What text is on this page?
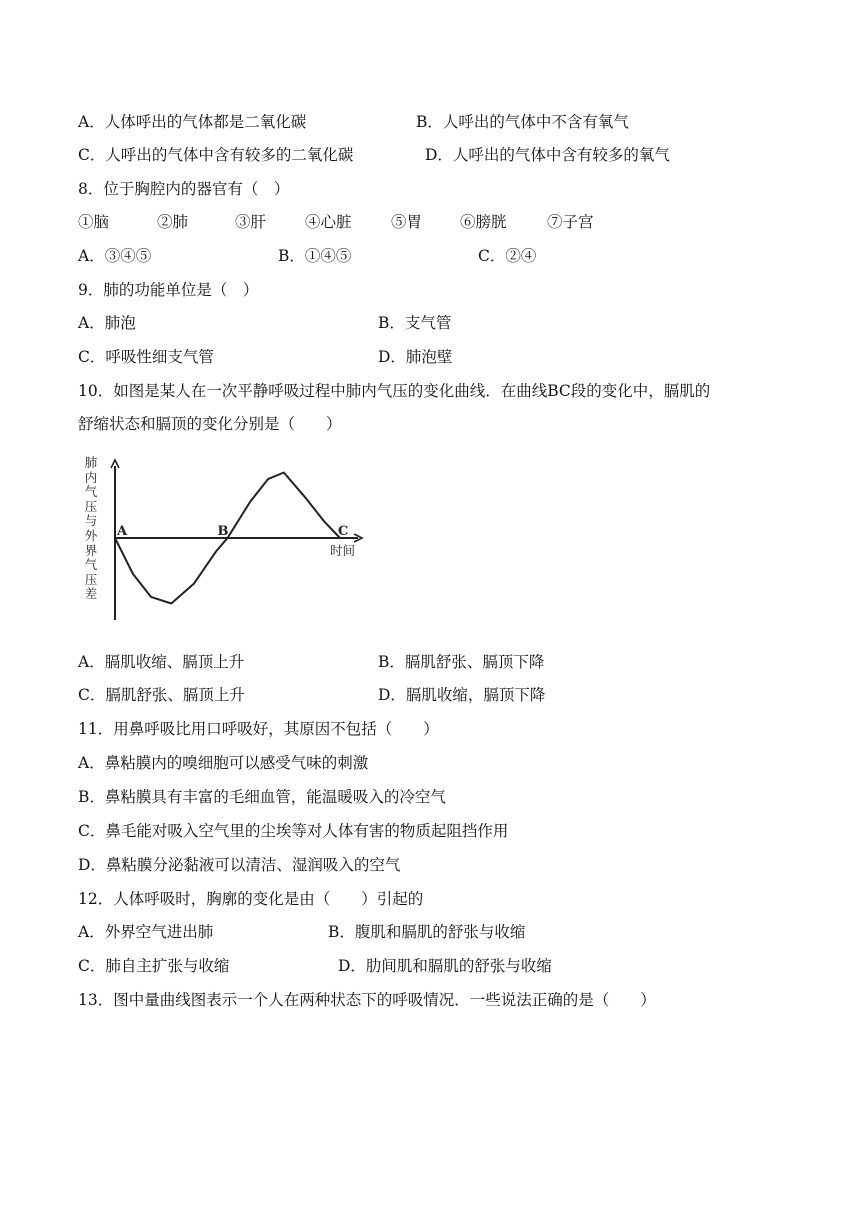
A．人体呼出的气体都是二氧化碳	B．人呼出的气体中不含有氧气
C．人呼出的气体中含有较多的二氧化碳	D．人呼出的气体中含有较多的氧气
8．位于胸腔内的器官有（　）
①脑	②肺	③肝	④心脏	⑤胃 ⑥膀胱	⑦子宫
A．③④⑤	B．①④⑤	C．②④
9．肺的功能单位是（　）
A．肺泡	B．支气管
C．呼吸性细支气管	D．肺泡壁
10．如图是某人在一次平静呼吸过程中肺内气压的变化曲线．在曲线BC段的变化中，膈肌的
舒缩状态和膈顶的变化分别是（　　）
肺内气压与外界气压差
A	B	C
时间
A．膈肌收缩、膈顶上升	B．膈肌舒张、膈顶下降
C．膈肌舒张、膈顶上升	D．膈肌收缩，膈顶下降
11．用鼻呼吸比用口呼吸好，其原因不包括（　　）
A．鼻粘膜内的嗅细胞可以感受气味的刺激
B．鼻粘膜具有丰富的毛细血管，能温暖吸入的冷空气
C．鼻毛能对吸入空气里的尘埃等对人体有害的物质起阻挡作用
D．鼻粘膜分泌黏液可以清洁、湿润吸入的空气
12．人体呼吸时，胸廓的变化是由（　　）引起的
A．外界空气进出肺	B．腹肌和膈肌的舒张与收缩
C．肺自主扩张与收缩	D．肋间肌和膈肌的舒张与收缩
13．图中量曲线图表示一个人在两种状态下的呼吸情况．一些说法正确的是（　　）
